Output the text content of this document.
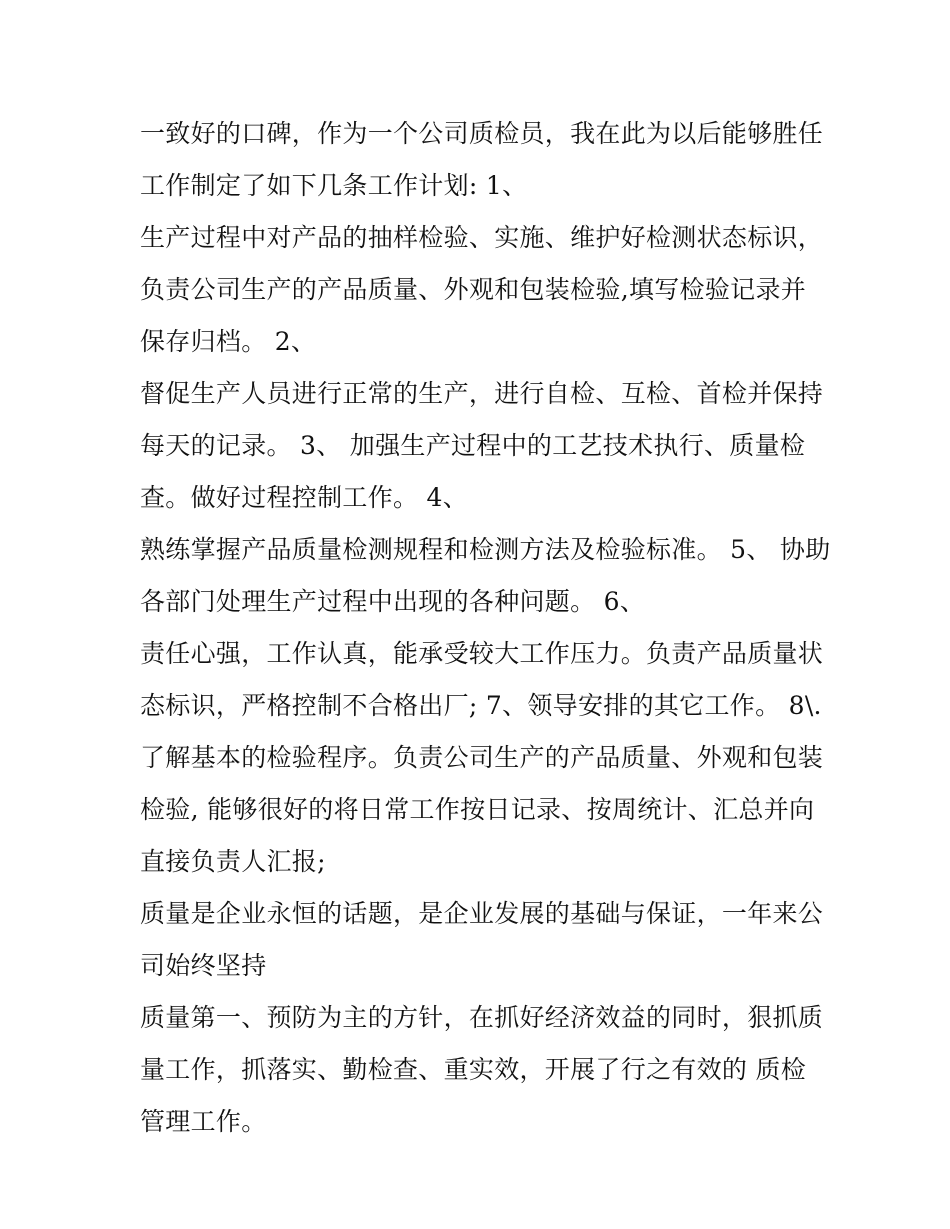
一致好的口碑，作为一个公司质检员，我在此为以后能够胜任
工作制定了如下几条工作计划: 1、
生产过程中对产品的抽样检验、实施、维护好检测状态标识，
负责公司生产的产品质量、外观和包装检验,填写检验记录并
保存归档。 2、
督促生产人员进行正常的生产，进行自检、互检、首检并保持
每天的记录。 3、 加强生产过程中的工艺技术执行、质量检
查。做好过程控制工作。 4、
熟练掌握产品质量检测规程和检测方法及检验标准。 5、 协助
各部门处理生产过程中出现的各种问题。 6、
责任心强，工作认真，能承受较大工作压力。负责产品质量状
态标识，严格控制不合格出厂; 7、领导安排的其它工作。 8\.
了解基本的检验程序。负责公司生产的产品质量、外观和包装
检验, 能够很好的将日常工作按日记录、按周统计、汇总并向
直接负责人汇报;
质量是企业永恒的话题，是企业发展的基础与保证，一年来公
司始终坚持
质量第一、预防为主的方针，在抓好经济效益的同时，狠抓质
量工作，抓落实、勤检查、重实效，开展了行之有效的 质检
管理工作。
